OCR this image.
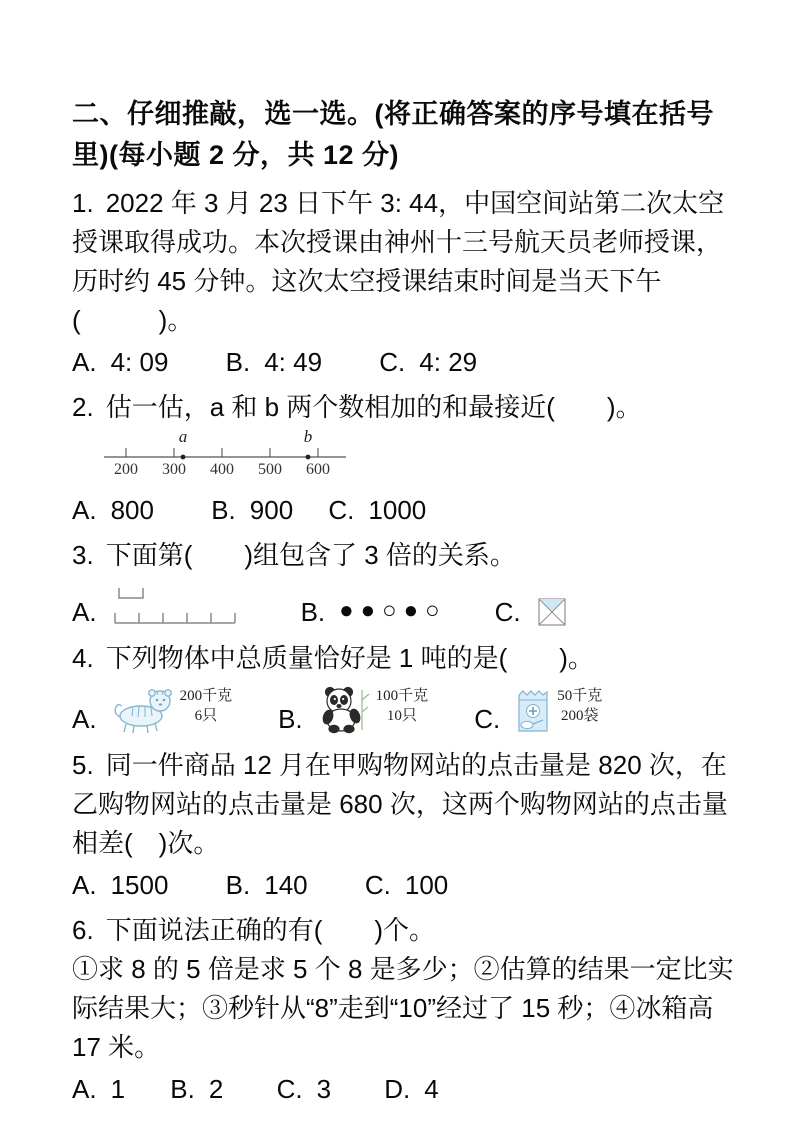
二、仔细推敲，选一选。(将正确答案的序号填在括号里)(每小题 2 分，共 12 分)

1. 2022 年 3 月 23 日下午 3: 44，中国空间站第二次太空授课取得成功。本次授课由神州十三号航天员老师授课，历时约 45 分钟。这次太空授课结束时间是当天下午(　　　)。

A. 4: 09 B. 4: 49 C. 4: 29

2. 估一估，a 和 b 两个数相加的和最接近(　　)。

a	b
200	300	400	500	600
A. 800 B. 900 C. 1000

3. 下面第(　　)组包含了 3 倍的关系。

A.	B. ●●○●○ C.

4. 下列物体中总质量恰好是 1 吨的是(　　)。

A.
200千克
6只	B.
100千克
10只	C.
50千克
200袋

5. 同一件商品 12 月在甲购物网站的点击量是 820 次，在乙购物网站的点击量是 680 次，这两个购物网站的点击量相差(　)次。

A. 1500 B. 140 C. 100

6. 下面说法正确的有(　　)个。

①求 8 的 5 倍是求 5 个 8 是多少；②估算的结果一定比实际结果大；③秒针从“8”走到“10”经过了 15 秒；④冰箱高 17 米。

A. 1 B. 2 C. 3 D. 4
